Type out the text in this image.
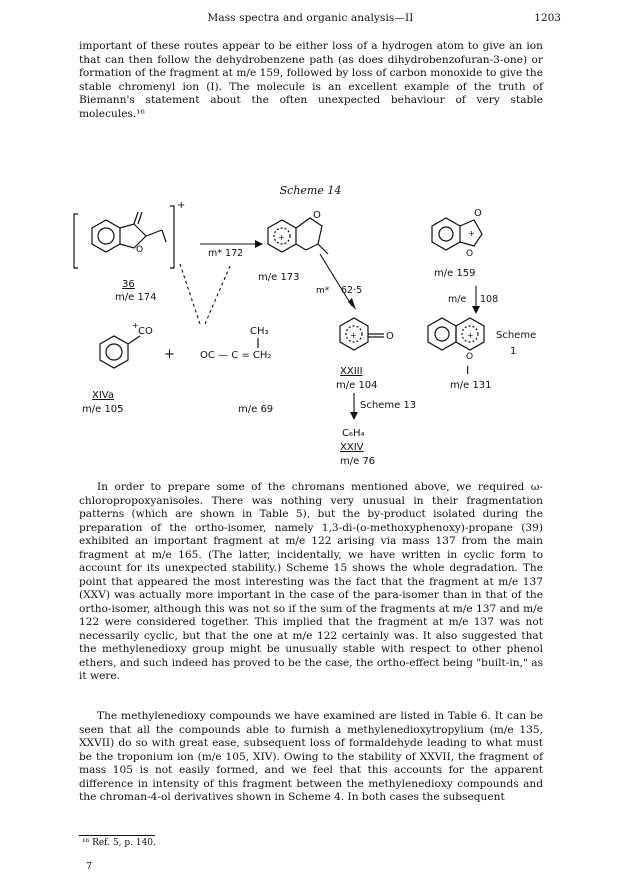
Mass spectra and organic analysis—II	1203

important of these routes appear to be either loss of a hydrogen atom to give an ion that can then follow the dehydrobenzene path (as does dihydrobenzofuran-3-one) or formation of the fragment at m/e 159, followed by loss of carbon monoxide to give the stable chromenyl ion (I). The molecule is an excellent example of the truth of Biemann's statement about the often unexpected behaviour of very stable molecules.¹⁶

Scheme 14
+
O
36
m/e 174
m* 172
+
O
m/e 173
m* 62·5
O
O
+
m/e 159
m/e 108
CO
+
XIVa
m/e 105
+
CH₃
OC — C = CH₂
m/e 69
+	O
XXIII
m/e 104
Scheme 13
C₆H₄
XXIV
m/e 76
+
O
I
m/e 131
Scheme
1

In order to prepare some of the chromans mentioned above, we required ω-chloropropoxyanisoles. There was nothing very unusual in their fragmentation patterns (which are shown in Table 5), but the by-product isolated during the preparation of the ortho-isomer, namely 1,3-di-(o-methoxyphenoxy)-propane (39) exhibited an important fragment at m/e 122 arising via mass 137 from the main fragment at m/e 165. (The latter, incidentally, we have written in cyclic form to account for its unexpected stability.) Scheme 15 shows the whole degradation. The point that appeared the most interesting was the fact that the fragment at m/e 137 (XXV) was actually more important in the case of the para-isomer than in that of the ortho-isomer, although this was not so if the sum of the fragments at m/e 137 and m/e 122 were considered together. This implied that the fragment at m/e 137 was not necessarily cyclic, but that the one at m/e 122 certainly was. It also suggested that the methylenedioxy group might be unusually stable with respect to other phenol ethers, and such indeed has proved to be the case, the ortho-effect being "built-in," as it were.

The methylenedioxy compounds we have examined are listed in Table 6. It can be seen that all the compounds able to furnish a methylenedioxytropylium (m/e 135, XXVII) do so with great ease, subsequent loss of formaldehyde leading to what must be the troponium ion (m/e 105, XIV). Owing to the stability of XXVII, the fragment of mass 105 is not easily formed, and we feel that this accounts for the apparent difference in intensity of this fragment between the methylenedioxy compounds and the chroman-4-ol derivatives shown in Scheme 4. In both cases the subsequent

¹⁶ Ref. 5, p. 140.
7
